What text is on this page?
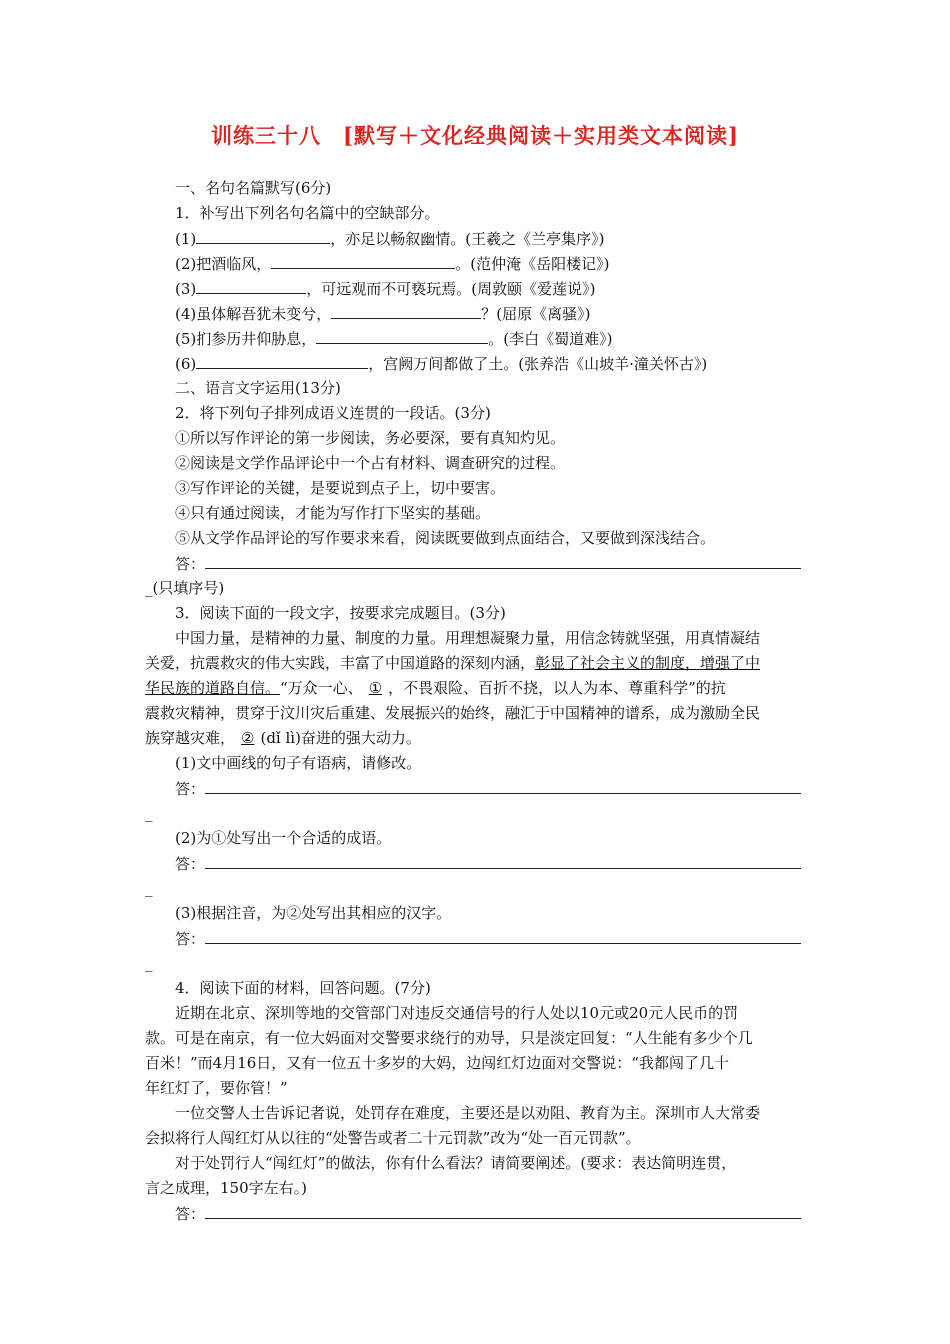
训练三十八　[默写＋文化经典阅读＋实用类文本阅读]
一、名句名篇默写(6分)
1．补写出下列名句名篇中的空缺部分。
(1)	，亦足以畅叙幽情。(王羲之《兰亭集序》)
(2)把酒临风，	。(范仲淹《岳阳楼记》)
(3)	，可远观而不可亵玩焉。(周敦颐《爱莲说》)
(4)虽体解吾犹未变兮，	？(屈原《离骚》)
(5)扪参历井仰胁息，	。(李白《蜀道难》)
(6)	，宫阙万间都做了土。(张养浩《山坡羊·潼关怀古》)
二、语言文字运用(13分)
2．将下列句子排列成语义连贯的一段话。(3分)
①所以写作评论的第一步阅读，务必要深，要有真知灼见。
②阅读是文学作品评论中一个占有材料、调查研究的过程。
③写作评论的关键，是要说到点子上，切中要害。
④只有通过阅读，才能为写作打下坚实的基础。
⑤从文学作品评论的写作要求来看，阅读既要做到点面结合，又要做到深浅结合。
答：
_(只填序号)
3．阅读下面的一段文字，按要求完成题目。(3分)
中国力量，是精神的力量、制度的力量。用理想凝聚力量，用信念铸就坚强，用真情凝结
关爱，抗震救灾的伟大实践，丰富了中国道路的深刻内涵，彰显了社会主义的制度，增强了中
华民族的道路自信。“万众一心、 ① ，不畏艰险、百折不挠，以人为本、尊重科学”的抗
震救灾精神，贯穿于汶川灾后重建、发展振兴的始终，融汇于中国精神的谱系，成为激励全民
族穿越灾难， ② (dǐ lì)奋进的强大动力。
(1)文中画线的句子有语病，请修改。
答：
_
(2)为①处写出一个合适的成语。
答：
_
(3)根据注音，为②处写出其相应的汉字。
答：
_
4．阅读下面的材料，回答问题。(7分)
近期在北京、深圳等地的交管部门对违反交通信号的行人处以10元或20元人民币的罚
款。可是在南京，有一位大妈面对交警要求绕行的劝导，只是淡定回复：“人生能有多少个几
百米！”而4月16日，又有一位五十多岁的大妈，边闯红灯边面对交警说：“我都闯了几十
年红灯了，要你管！”
一位交警人士告诉记者说，处罚存在难度，主要还是以劝阻、教育为主。深圳市人大常委
会拟将行人闯红灯从以往的“处警告或者二十元罚款”改为“处一百元罚款”。
对于处罚行人“闯红灯”的做法，你有什么看法？请简要阐述。(要求：表达简明连贯，
言之成理，150字左右。)
答：
